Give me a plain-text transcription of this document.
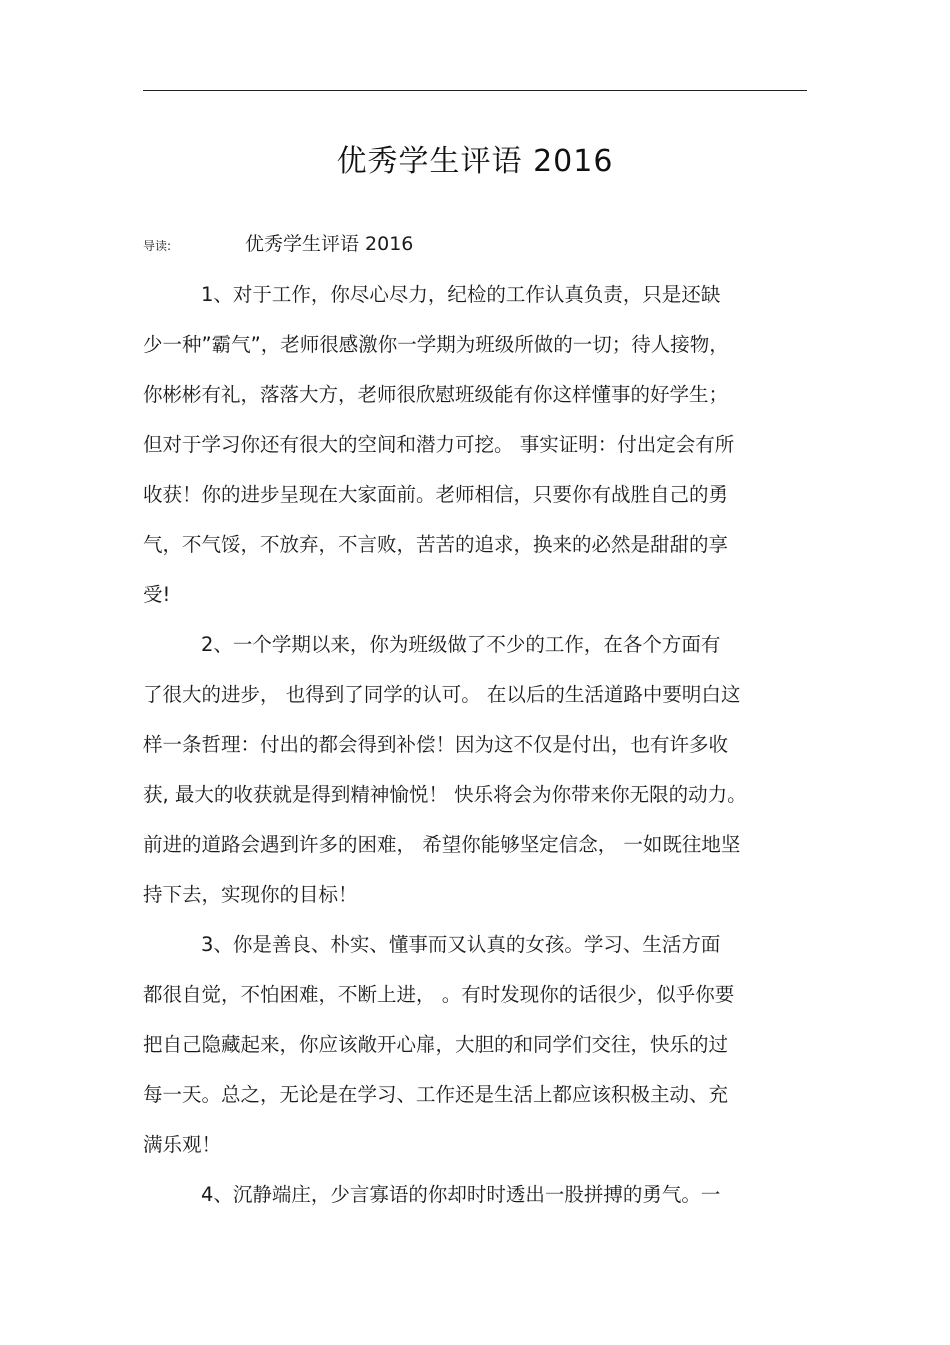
优秀学生评语 2016
导读:	优秀学生评语 2016
1、对于工作，你尽心尽力，纪检的工作认真负责，只是还缺
少一种”霸气”，老师很感激你一学期为班级所做的一切；待人接物，
你彬彬有礼，落落大方，老师很欣慰班级能有你这样懂事的好学生；
但对于学习你还有很大的空间和潜力可挖。 事实证明：付出定会有所
收获！你的进步呈现在大家面前。老师相信，只要你有战胜自己的勇
气，不气馁，不放弃，不言败，苦苦的追求，换来的必然是甜甜的享
受!
2、一个学期以来，你为班级做了不少的工作，在各个方面有
了很大的进步， 也得到了同学的认可。 在以后的生活道路中要明白这
样一条哲理：付出的都会得到补偿！因为这不仅是付出，也有许多收
获, 最大的收获就是得到精神愉悦！ 快乐将会为你带来你无限的动力。
前进的道路会遇到许多的困难， 希望你能够坚定信念， 一如既往地坚
持下去，实现你的目标！
3、你是善良、朴实、懂事而又认真的女孩。学习、生活方面
都很自觉，不怕困难，不断上进， 。有时发现你的话很少，似乎你要
把自己隐藏起来，你应该敞开心扉，大胆的和同学们交往，快乐的过
每一天。总之，无论是在学习、工作还是生活上都应该积极主动、充
满乐观！
4、沉静端庄，少言寡语的你却时时透出一股拼搏的勇气。一
